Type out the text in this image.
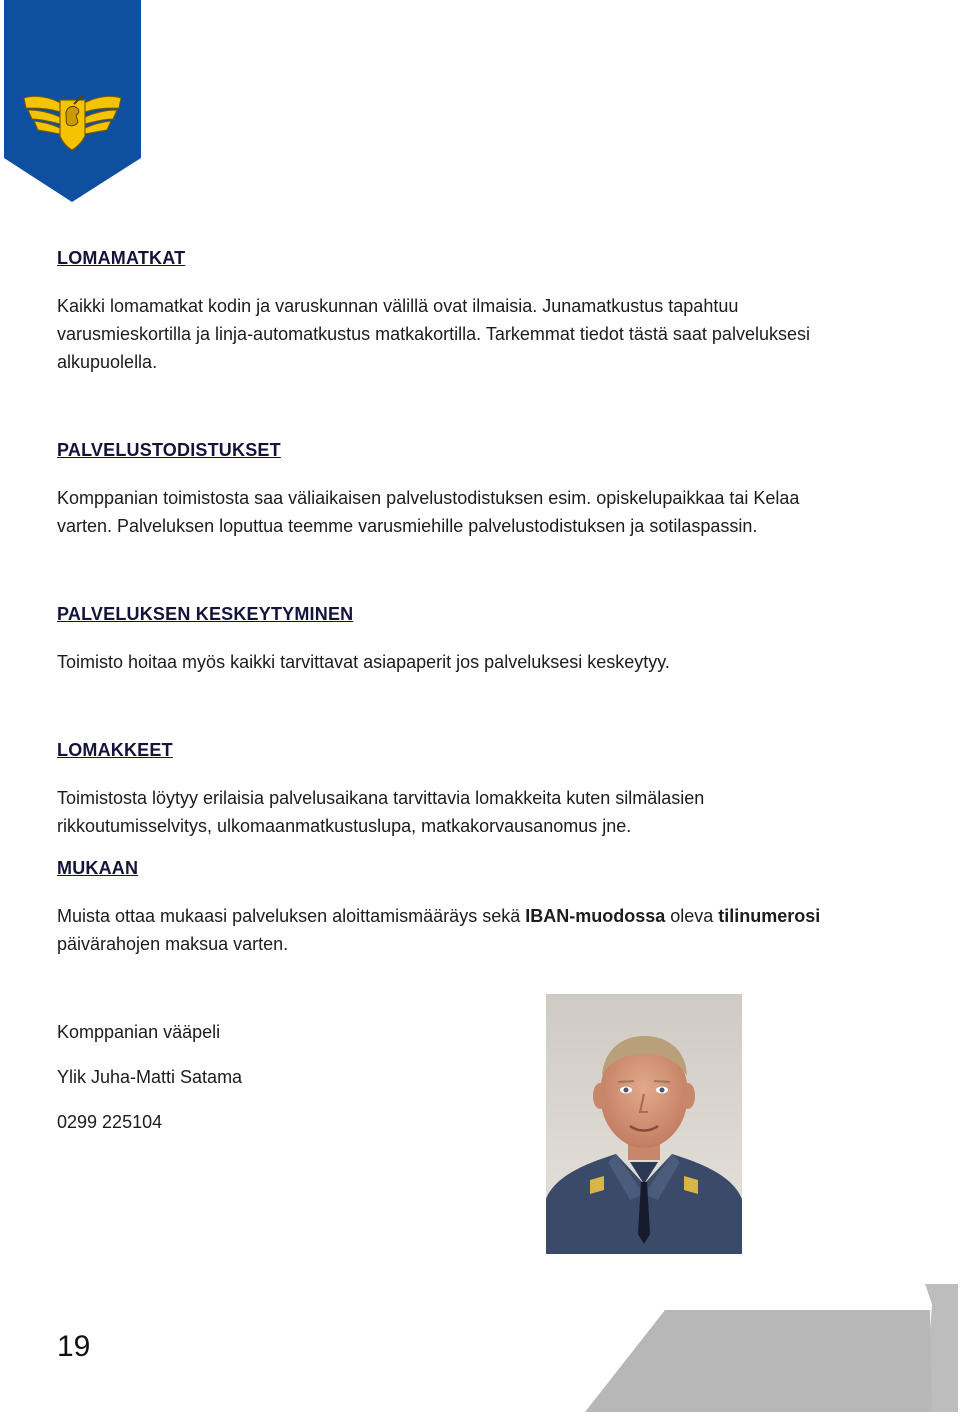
LOMAMATKAT

Kaikki lomamatkat kodin ja varuskunnan välillä ovat ilmaisia. Junamatkustus tapahtuu varusmieskortilla ja linja-automatkustus matkakortilla. Tarkemmat tiedot tästä saat palveluksesi alkupuolella.

PALVELUSTODISTUKSET

Komppanian toimistosta saa väliaikaisen palvelustodistuksen esim. opiskelupaikkaa tai Kelaa varten. Palveluksen loputtua teemme varusmiehille palvelustodistuksen ja sotilaspassin.

PALVELUKSEN KESKEYTYMINEN

Toimisto hoitaa myös kaikki tarvittavat asiapaperit jos palveluksesi keskeytyy.

LOMAKKEET

Toimistosta löytyy erilaisia palvelusaikana tarvittavia lomakkeita kuten silmälasien rikkoutumisselvitys, ulkomaanmatkustuslupa, matkakorvausanomus jne.

MUKAAN

Muista ottaa mukaasi palveluksen aloittamismääräys sekä IBAN-muodossa oleva tilinumerosi päivärahojen maksua varten.

Komppanian vääpeli

Ylik Juha-Matti Satama

0299 225104

19
